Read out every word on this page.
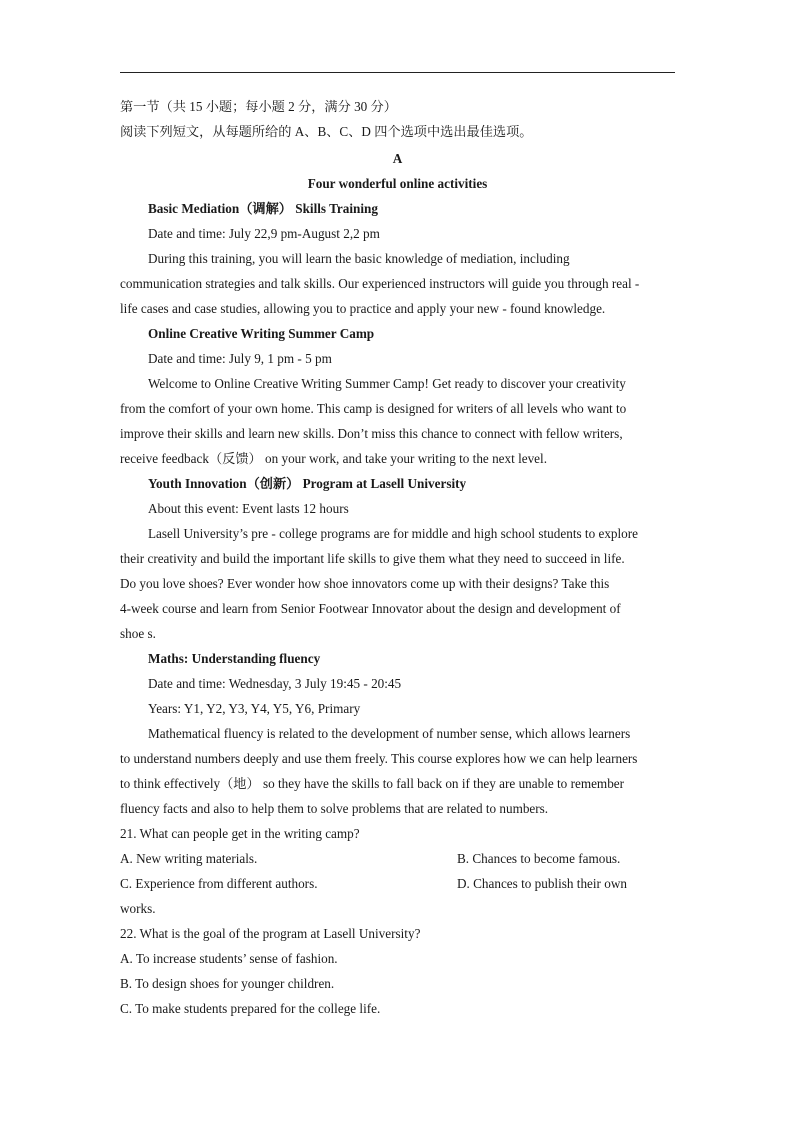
第一节（共 15 小题；每小题 2 分，满分 30 分）
阅读下列短文，从每题所给的 A、B、C、D 四个选项中选出最佳选项。
A
Four wonderful online activities
Basic Mediation（调解） Skills Training
Date and time: July 22,9 pm-August 2,2 pm
During this training, you will learn the basic knowledge of mediation, including
communication strategies and talk skills. Our experienced instructors will guide you through real -
life cases and case studies, allowing you to practice and apply your new - found knowledge.
Online Creative Writing Summer Camp
Date and time: July 9, 1 pm - 5 pm
Welcome to Online Creative Writing Summer Camp! Get ready to discover your creativity
from the comfort of your own home. This camp is designed for writers of all levels who want to
improve their skills and learn new skills. Don’t miss this chance to connect with fellow writers,
receive feedback（反馈） on your work, and take your writing to the next level.
Youth Innovation（创新） Program at Lasell University
About this event: Event lasts 12 hours
Lasell University’s pre - college programs are for middle and high school students to explore
their creativity and build the important life skills to give them what they need to succeed in life.
Do you love shoes? Ever wonder how shoe innovators come up with their designs? Take this
4-week course and learn from Senior Footwear Innovator about the design and development of
shoe s.
Maths: Understanding fluency
Date and time: Wednesday, 3 July 19:45 - 20:45
Years: Y1, Y2, Y3, Y4, Y5, Y6, Primary
Mathematical fluency is related to the development of number sense, which allows learners
to understand numbers deeply and use them freely. This course explores how we can help learners
to think effectively（地） so they have the skills to fall back on if they are unable to remember
fluency facts and also to help them to solve problems that are related to numbers.
21. What can people get in the writing camp?
A. New writing materials.	B. Chances to become famous.
C. Experience from different authors.	D. Chances to publish their own
works.
22. What is the goal of the program at Lasell University?
A. To increase students’ sense of fashion.
B. To design shoes for younger children.
C. To make students prepared for the college life.
